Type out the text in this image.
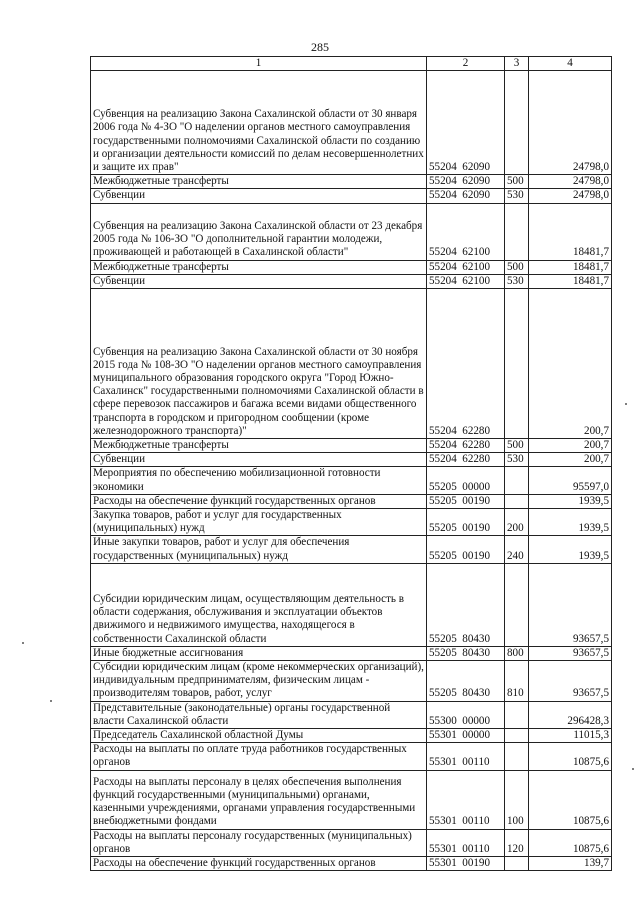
285
1	2	3	4
Субвенция на реализацию Закона Сахалинской области от 30 января 2006 года № 4-ЗО "О наделении органов местного самоуправления государственными полномочиями Сахалинской области по созданию и организации деятельности комиссий по делам несовершеннолетних и защите их прав"	55204  62090		24798,0
Межбюджетные трансферты	55204  62090	500	24798,0
Субвенции	55204  62090	530	24798,0
Субвенция на реализацию Закона Сахалинской области от 23 декабря 2005 года № 106-ЗО "О дополнительной гарантии молодежи, проживающей и работающей в Сахалинской области"	55204  62100		18481,7
Межбюджетные трансферты	55204  62100	500	18481,7
Субвенции	55204  62100	530	18481,7
Субвенция на реализацию Закона Сахалинской области от 30 ноября 2015 года № 108-ЗО "О наделении органов местного самоуправления муниципального образования городского округа "Город Южно-Сахалинск" государственными полномочиями Сахалинской области в сфере перевозок пассажиров и багажа всеми видами общественного транспорта в городском и пригородном сообщении (кроме железнодорожного транспорта)"	55204  62280		200,7
Межбюджетные трансферты	55204  62280	500	200,7
Субвенции	55204  62280	530	200,7
Мероприятия по обеспечению мобилизационной готовности экономики	55205  00000		95597,0
Расходы на обеспечение функций государственных органов	55205  00190		1939,5
Закупка товаров, работ и услуг для государственных (муниципальных) нужд	55205  00190	200	1939,5
Иные закупки товаров, работ и услуг для обеспечения государственных (муниципальных) нужд	55205  00190	240	1939,5
Субсидии юридическим лицам, осуществляющим деятельность в области содержания, обслуживания и эксплуатации объектов движимого и недвижимого имущества, находящегося в собственности Сахалинской области	55205  80430		93657,5
Иные бюджетные ассигнования	55205  80430	800	93657,5
Субсидии юридическим лицам (кроме некоммерческих организаций), индивидуальным предпринимателям, физическим лицам - производителям товаров, работ, услуг	55205  80430	810	93657,5
Представительные (законодательные) органы государственной власти Сахалинской области	55300  00000		296428,3
Председатель Сахалинской областной Думы	55301  00000		11015,3
Расходы на выплаты по оплате труда работников государственных органов	55301  00110		10875,6
Расходы на выплаты персоналу в целях обеспечения выполнения функций государственными (муниципальными) органами, казенными учреждениями, органами управления государственными внебюджетными фондами	55301  00110	100	10875,6
Расходы на выплаты персоналу государственных (муниципальных) органов	55301  00110	120	10875,6
Расходы на обеспечение функций государственных органов	55301  00190		139,7
